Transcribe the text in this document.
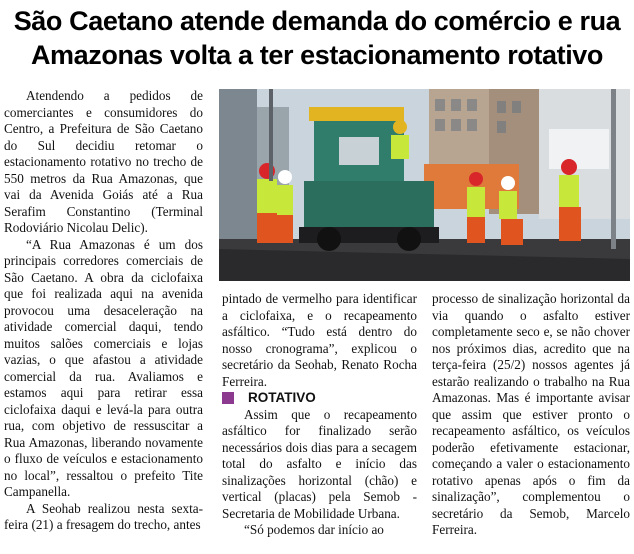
São Caetano atende demanda do comércio e rua
Amazonas volta a ter estacionamento rotativo

Atendendo a pedidos de comerciantes e consumidores do Centro, a Prefeitura de São Caetano do Sul decidiu retomar o estacionamento rotativo no trecho de 550 metros da Rua Amazonas, que vai da Avenida Goiás até a Rua Serafim Constantino (Terminal Rodoviário Nicolau Delic).

“A Rua Amazonas é um dos principais corredores comerciais de São Caetano. A obra da ciclofaixa que foi realizada aqui na avenida provocou uma desaceleração na atividade comercial daqui, tendo muitos salões comerciais e lojas vazias, o que afastou a atividade comercial da rua. Avaliamos e estamos aqui para retirar essa ciclofaixa daqui e levá-la para outra rua, com objetivo de ressuscitar a Rua Amazonas, liberando novamente o fluxo de veículos e estacionamento no local”, ressaltou o prefeito Tite Campanella.

A Seohab realizou nesta sexta-feira (21) a fresagem do trecho, antes

pintado de vermelho para identificar a ciclofaixa, e o recapeamento asfáltico. “Tudo está dentro do nosso cronograma”, explicou o secretário da Seohab, Renato Rocha Ferreira.

ROTATIVO

Assim que o recapeamento asfáltico for finalizado serão necessários dois dias para a secagem total do asfalto e início das sinalizações horizontal (chão) e vertical (placas) pela Semob - Secretaria de Mobilidade Urbana.

“Só podemos dar início ao

processo de sinalização horizontal da via quando o asfalto estiver completamente seco e, se não chover nos próximos dias, acredito que na terça-feira (25/2) nossos agentes já estarão realizando o trabalho na Rua Amazonas. Mas é importante avisar que assim que estiver pronto o recapeamento asfáltico, os veículos poderão efetivamente estacionar, começando a valer o estacionamento rotativo apenas após o fim da sinalização”, complementou o secretário da Semob, Marcelo Ferreira.
